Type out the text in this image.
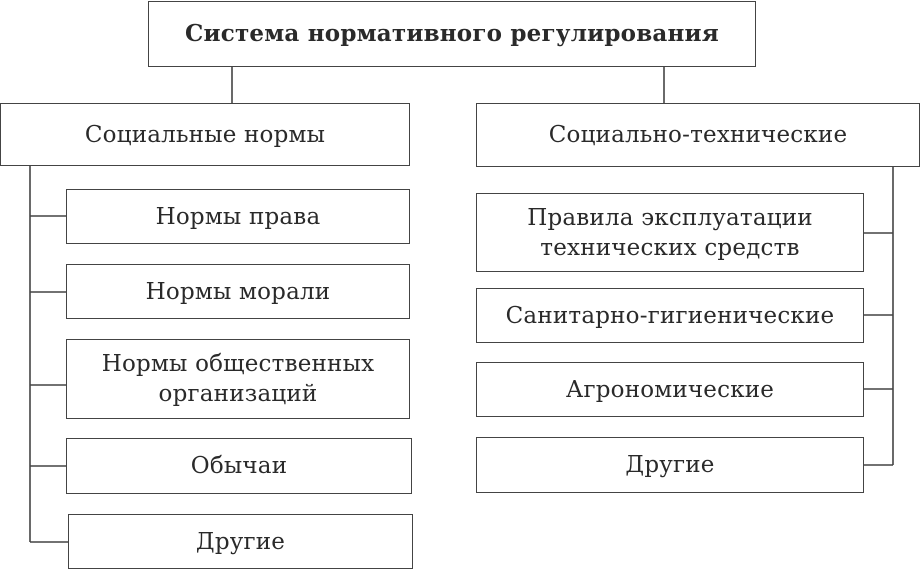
Система нормативного регулирования
Социальные нормы
Нормы права
Нормы морали
Нормы общественных
организаций
Обычаи
Другие
Социально-технические
Правила эксплуатации
технических средств
Санитарно-гигиенические
Агрономические
Другие
